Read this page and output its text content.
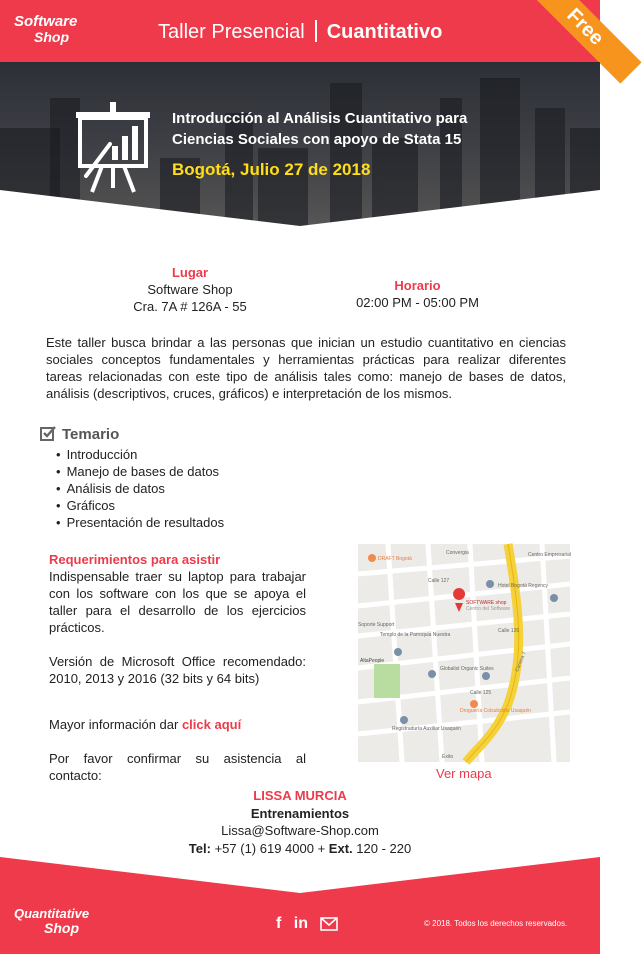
Software
Shop	Taller Presencial Cuantitativo	Free
Introducción al Análisis Cuantitativo para
Ciencias Sociales con apoyo de Stata 15
Bogotá, Julio 27 de 2018
Lugar
Software Shop
Cra. 7A # 126A - 55
Horario
02:00 PM - 05:00 PM
Este taller busca brindar a las personas que inician un estudio cuantitativo en ciencias sociales conceptos fundamentales y herramientas prácticas para realizar diferentes tareas relacionadas con este tipo de análisis tales como: manejo de bases de datos, análisis (descriptivos, cruces, gráficos) e interpretación de los mismos.
Temario
• Introducción
• Manejo de bases de datos
• Análisis de datos
• Gráficos
• Presentación de resultados
Requerimientos para asistir
Indispensable traer su laptop para trabajar con los software con los que se apoya el taller para el desarrollo de los ejercicios prácticos.
Versión de Microsoft Office recomendado: 2010, 2013 y 2016 (32 bits y 64 bits)
Mayor información dar click aquí
Por favor confirmar su asistencia al contacto:
DRAFT Bogotá
Convergia	Centro Empresarial
Hotel Bogotá Regency
Calle 127
SOFTWARE shop
Centro del Software
Soporte Support
Templo de la Parroquia Nuestra
Calle 126
AltaPeople
Globalist Organic Suites	Carrera 7
Calle 125
Droguería Colsubsidio Usaquén
Registraduría Auxiliar Usaquén
Éxito
Ver mapa
LISSA MURCIA
Entrenamientos
Lissa@Software-Shop.com
Tel: +57 (1) 619 4000 + Ext. 120 - 220
Quantitative
Shop	f in	© 2018. Todos los derechos reservados.
